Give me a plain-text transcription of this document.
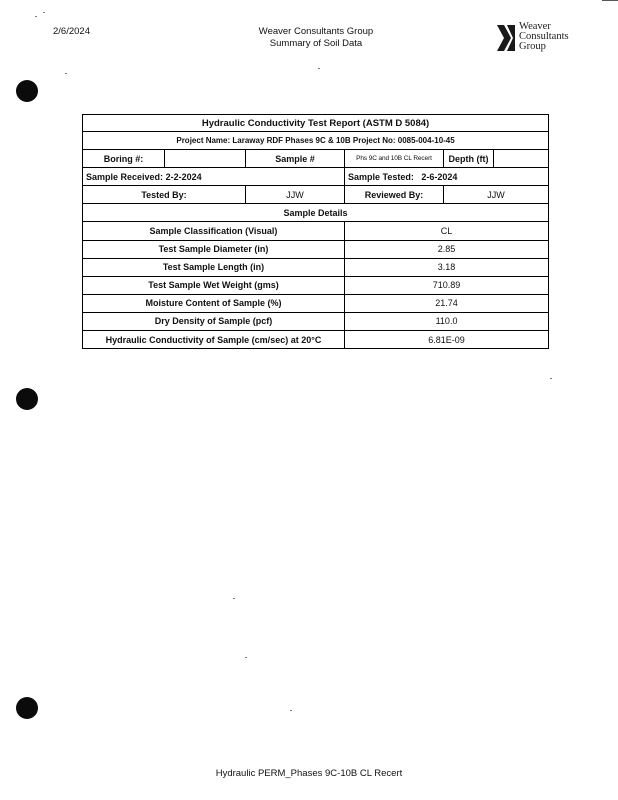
2/6/2024	Weaver Consultants Group
Summary of Soil Data
Weaver
Consultants
Group
Hydraulic Conductivity Test Report (ASTM D 5084)					
Project Name: Laraway RDF Phases 9C & 10B Project No: 0085-004-10-45					
Boring #:		Sample #	Phs 9C and 10B CL Recert	Depth (ft)	
Sample Received: 2-2-2024			Sample Tested: 2-6-2024		
Tested By:		JJW	Reviewed By:	JJW	
Sample Details					
Sample Classification (Visual)			CL		
Test Sample Diameter (in)			2.85		
Test Sample Length (in)			3.18		
Test Sample Wet Weight (gms)			710.89		
Moisture Content of Sample (%)			21.74		
Dry Density of Sample (pcf)			110.0		
Hydraulic Conductivity of Sample (cm/sec) at 20°C			6.81E-09		
Hydraulic PERM_Phases 9C-10B CL Recert
